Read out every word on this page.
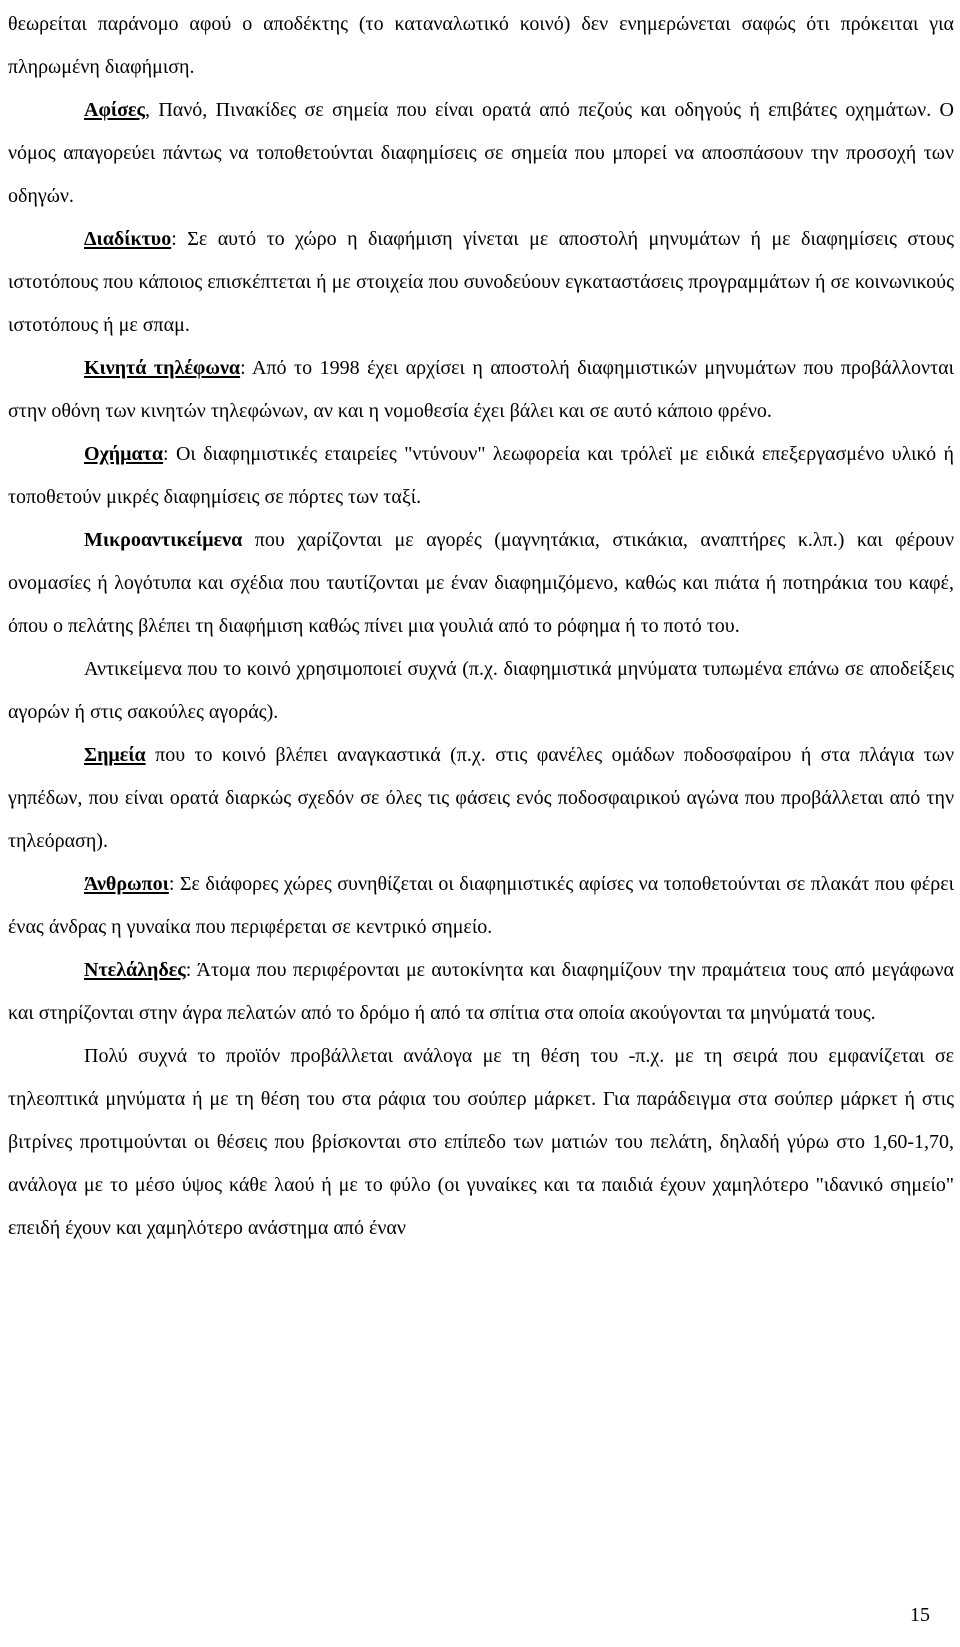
θεωρείται παράνομο αφού ο αποδέκτης (το καταναλωτικό κοινό) δεν ενημερώνεται σαφώς ότι πρόκειται για πληρωμένη διαφήμιση.

Αφίσες, Πανό, Πινακίδες σε σημεία που είναι ορατά από πεζούς και οδηγούς ή επιβάτες οχημάτων. Ο νόμος απαγορεύει πάντως να τοποθετούνται διαφημίσεις σε σημεία που μπορεί να αποσπάσουν την προσοχή των οδηγών.

Διαδίκτυο: Σε αυτό το χώρο η διαφήμιση γίνεται με αποστολή μηνυμάτων ή με διαφημίσεις στους ιστοτόπους που κάποιος επισκέπτεται ή με στοιχεία που συνοδεύουν εγκαταστάσεις προγραμμάτων ή σε κοινωνικούς ιστοτόπους ή με σπαμ.

Κινητά τηλέφωνα: Από το 1998 έχει αρχίσει η αποστολή διαφημιστικών μηνυμάτων που προβάλλονται στην οθόνη των κινητών τηλεφώνων, αν και η νομοθεσία έχει βάλει και σε αυτό κάποιο φρένο.

Οχήματα: Οι διαφημιστικές εταιρείες "ντύνουν" λεωφορεία και τρόλεϊ με ειδικά επεξεργασμένο υλικό ή τοποθετούν μικρές διαφημίσεις σε πόρτες των ταξί.

Μικροαντικείμενα που χαρίζονται με αγορές (μαγνητάκια, στικάκια, αναπτήρες κ.λπ.) και φέρουν ονομασίες ή λογότυπα και σχέδια που ταυτίζονται με έναν διαφημιζόμενο, καθώς και πιάτα ή ποτηράκια του καφέ, όπου ο πελάτης βλέπει τη διαφήμιση καθώς πίνει μια γουλιά από το ρόφημα ή το ποτό του.

Αντικείμενα που το κοινό χρησιμοποιεί συχνά (π.χ. διαφημιστικά μηνύματα τυπωμένα επάνω σε αποδείξεις αγορών ή στις σακούλες αγοράς).

Σημεία που το κοινό βλέπει αναγκαστικά (π.χ. στις φανέλες ομάδων ποδοσφαίρου ή στα πλάγια των γηπέδων, που είναι ορατά διαρκώς σχεδόν σε όλες τις φάσεις ενός ποδοσφαιρικού αγώνα που προβάλλεται από την τηλεόραση).

Άνθρωποι: Σε διάφορες χώρες συνηθίζεται οι διαφημιστικές αφίσες να τοποθετούνται σε πλακάτ που φέρει ένας άνδρας η γυναίκα που περιφέρεται σε κεντρικό σημείο.

Ντελάληδες: Άτομα που περιφέρονται με αυτοκίνητα και διαφημίζουν την πραμάτεια τους από μεγάφωνα και στηρίζονται στην άγρα πελατών από το δρόμο ή από τα σπίτια στα οποία ακούγονται τα μηνύματά τους.

Πολύ συχνά το προϊόν προβάλλεται ανάλογα με τη θέση του -π.χ. με τη σειρά που εμφανίζεται σε τηλεοπτικά μηνύματα ή με τη θέση του στα ράφια του σούπερ μάρκετ. Για παράδειγμα στα σούπερ μάρκετ ή στις βιτρίνες προτιμούνται οι θέσεις που βρίσκονται στο επίπεδο των ματιών του πελάτη, δηλαδή γύρω στο 1,60-1,70, ανάλογα με το μέσο ύψος κάθε λαού ή με το φύλο (οι γυναίκες και τα παιδιά έχουν χαμηλότερο "ιδανικό σημείο" επειδή έχουν και χαμηλότερο ανάστημα από έναν

15
